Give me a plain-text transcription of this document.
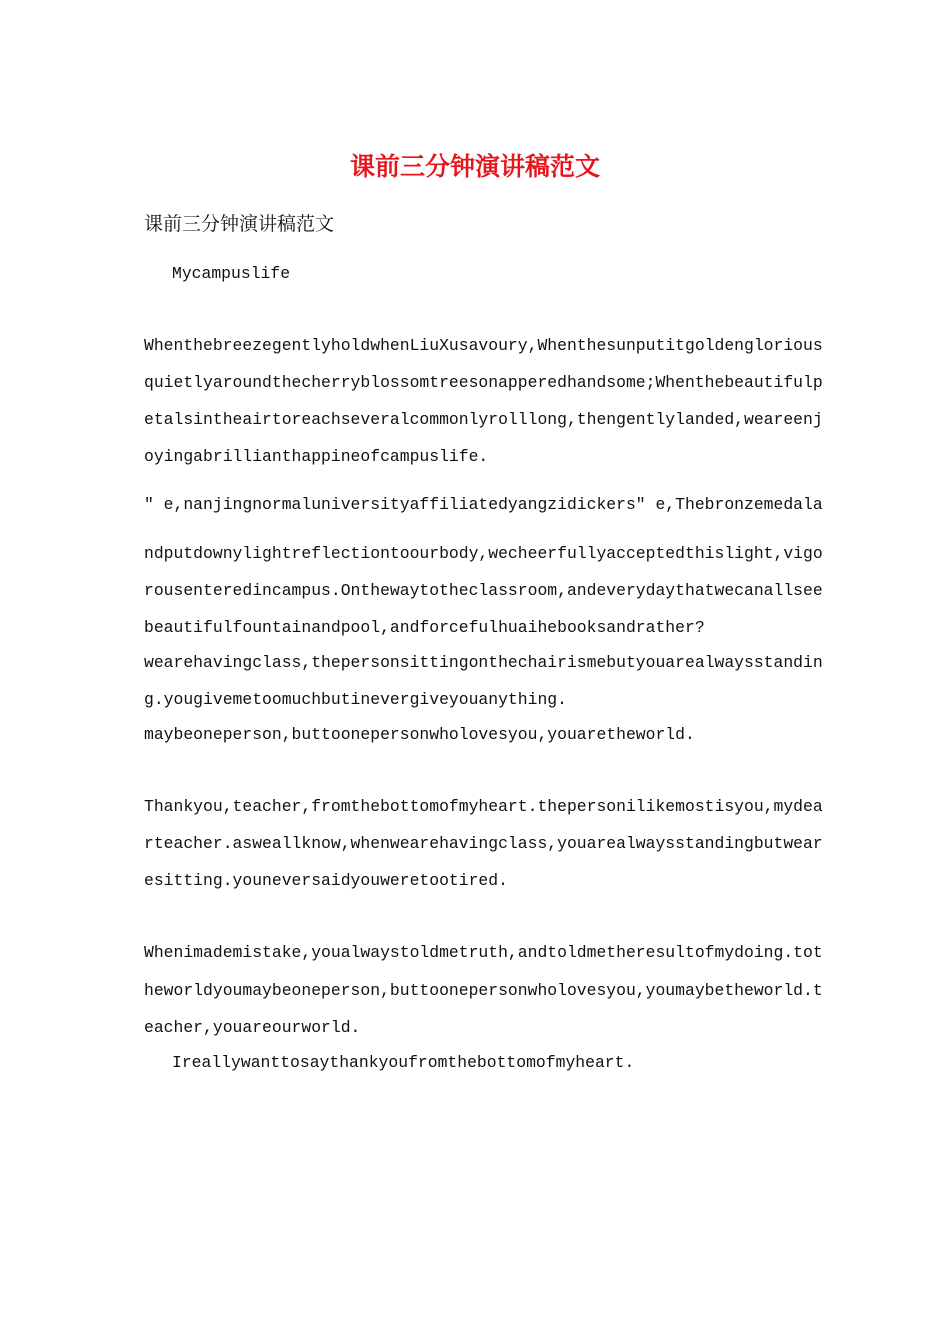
课前三分钟演讲稿范文
课前三分钟演讲稿范文
Mycampuslife
WhenthebreezegentlyholdwhenLiuXusavoury,Whenthesunputitgoldenglorious
quietlyaroundthecherryblossomtreesonapperedhandsome;Whenthebeautifulp
etalsintheairtoreachseveralcommonlyrolllong,thengentlylanded,weareenj
oyingabrillianthappineofcampuslife.
″ e,nanjingnormaluniversityaffiliatedyangzidickers″ e,Thebronzemedala
ndputdownylightreflectiontoourbody,wecheerfullyacceptedthislight,vigo
rousenteredincampus.Onthewaytotheclassroom,andeverydaythatwecanallsee
beautifulfountainandpool,andforcefulhuaihebooksandrather?
wearehavingclass,thepersonsittingonthechairismebutyouarealwaysstandin
g.yougivemetoomuchbutinevergiveyouanything.
maybeoneperson,buttoonepersonwholovesyou,youaretheworld.
Thankyou,teacher,fromthebottomofmyheart.thepersonilikemostisyou,mydea
rteacher.asweallknow,whenwearehavingclass,youarealwaysstandingbutwear
esitting.youneversaidyouweretootired.
Whenimademistake,youalwaystoldmetruth,andtoldmetheresultofmydoing.tot
heworldyoumaybeoneperson,buttoonepersonwholovesyou,youmaybetheworld.t
eacher,youareourworld.
Ireallywanttosaythankyoufromthebottomofmyheart.
